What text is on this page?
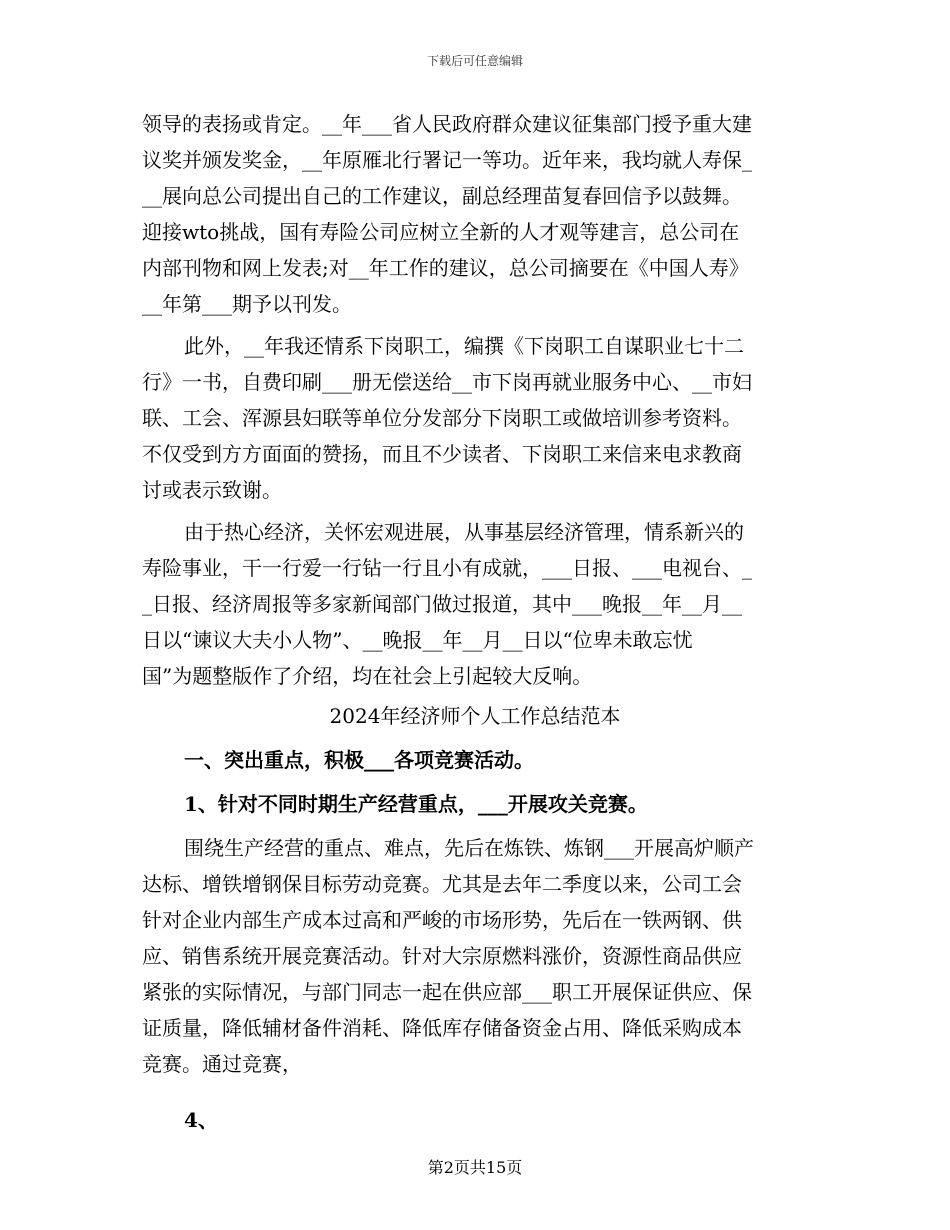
下载后可任意编辑
领导的表扬或肯定。__年___省人民政府群众建议征集部门授予重大建
议奖并颁发奖金，__年原雁北行署记一等功。近年来，我均就人寿保_
__展向总公司提出自己的工作建议，副总经理苗复春回信予以鼓舞。
迎接wto挑战，国有寿险公司应树立全新的人才观等建言，总公司在
内部刊物和网上发表;对__年工作的建议，总公司摘要在《中国人寿》
__年第___期予以刊发。
此外，__年我还情系下岗职工，编撰《下岗职工自谋职业七十二
行》一书，自费印刷___册无偿送给__市下岗再就业服务中心、__市妇
联、工会、浑源县妇联等单位分发部分下岗职工或做培训参考资料。
不仅受到方方面面的赞扬，而且不少读者、下岗职工来信来电求教商
讨或表示致谢。
由于热心经济，关怀宏观进展，从事基层经济管理，情系新兴的
寿险事业，干一行爱一行钻一行且小有成就，___日报、___电视台、_
_日报、经济周报等多家新闻部门做过报道，其中___晚报__年__月__
日以“谏议大夫小人物”、__晚报__年__月__日以“位卑未敢忘忧
国”为题整版作了介绍，均在社会上引起较大反响。
2024年经济师个人工作总结范本
一、突出重点，积极___各项竞赛活动。
1、针对不同时期生产经营重点，___开展攻关竞赛。
围绕生产经营的重点、难点，先后在炼铁、炼钢___开展高炉顺产
达标、增铁增钢保目标劳动竞赛。尤其是去年二季度以来，公司工会
针对企业内部生产成本过高和严峻的市场形势，先后在一铁两钢、供
应、销售系统开展竞赛活动。针对大宗原燃料涨价，资源性商品供应
紧张的实际情况，与部门同志一起在供应部___职工开展保证供应、保
证质量，降低辅材备件消耗、降低库存储备资金占用、降低采购成本
竞赛。通过竞赛，
4、
第2页共15页
